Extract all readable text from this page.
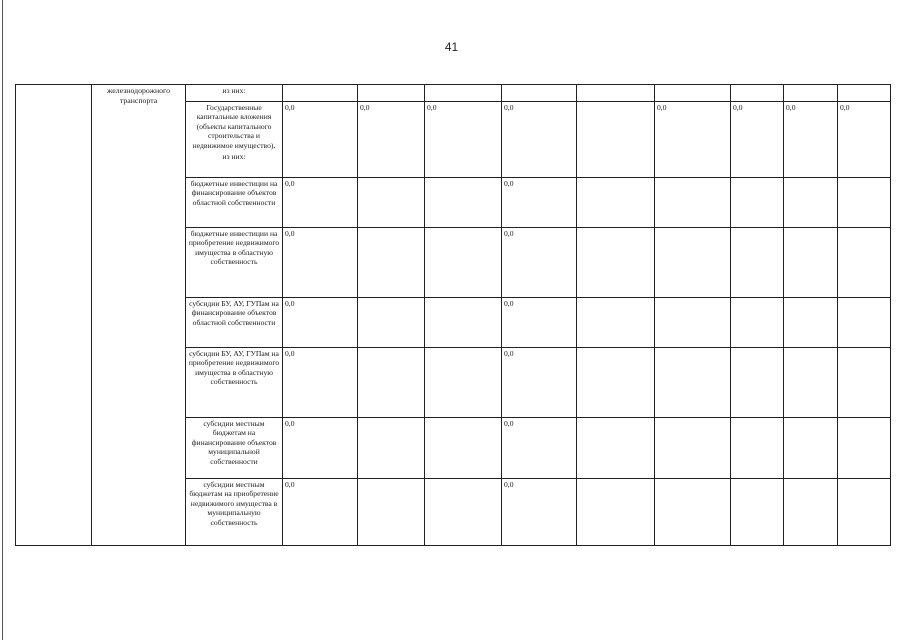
41
	железнодорожного транспорта	из них:									

		Государственные капитальные вложения (объекты капитального строительства и недвижимое имущество),
из них:	0,0	0,0	0,0	0,0		0,0	0,0	0,0	0,0

		бюджетные инвестиции на финансирование объектов областной собственности	0,0			0,0					

		бюджетные инвестиции на приобретение недвижимого имущества в областную собственность	0,0			0,0					

		субсидии БУ, АУ, ГУПам на финансирование объектов областной собственности	0,0			0,0					

		субсидии БУ, АУ, ГУПам на приобретение недвижимого имущества в областную собственность	0,0			0,0					

		субсидии местным бюджетам на финансирование объектов муниципальной собственности	0,0			0,0					

		субсидии местным бюджетам на приобретение недвижимого имущества в муниципальную собственность	0,0			0,0					
